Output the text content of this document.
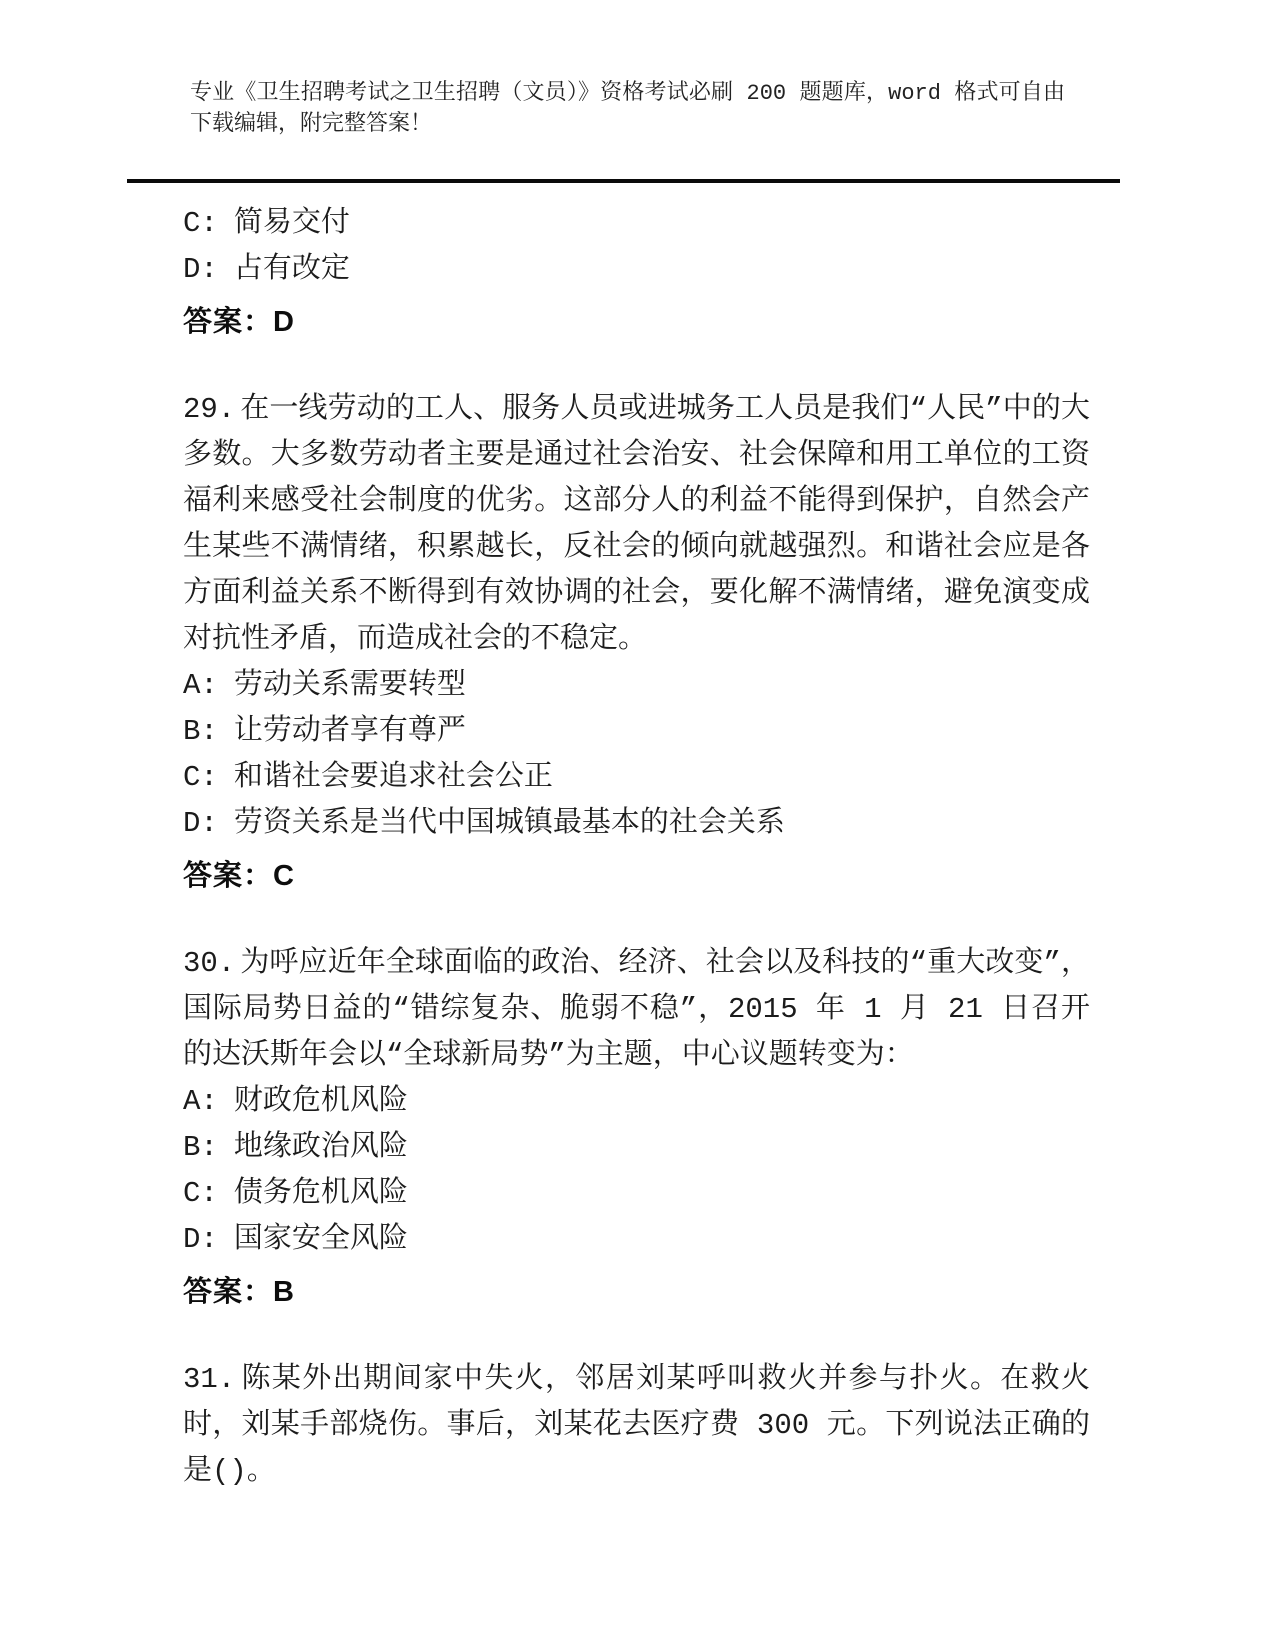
专业《卫生招聘考试之卫生招聘（文员）》资格考试必刷 200 题题库，word 格式可自由下载编辑，附完整答案！

C: 简易交付

D: 占有改定

答案：D

29. 在一线劳动的工人、服务人员或进城务工人员是我们“人民”中的大多数。大多数劳动者主要是通过社会治安、社会保障和用工单位的工资福利来感受社会制度的优劣。这部分人的利益不能得到保护，自然会产生某些不满情绪，积累越长，反社会的倾向就越强烈。和谐社会应是各方面利益关系不断得到有效协调的社会，要化解不满情绪，避免演变成对抗性矛盾，而造成社会的不稳定。

A: 劳动关系需要转型

B: 让劳动者享有尊严

C: 和谐社会要追求社会公正

D: 劳资关系是当代中国城镇最基本的社会关系

答案：C

30. 为呼应近年全球面临的政治、经济、社会以及科技的“重大改变”，国际局势日益的“错综复杂、脆弱不稳”，2015 年 1 月 21 日召开的达沃斯年会以“全球新局势”为主题，中心议题转变为：

A: 财政危机风险

B: 地缘政治风险

C: 债务危机风险

D: 国家安全风险

答案：B

31. 陈某外出期间家中失火，邻居刘某呼叫救火并参与扑火。在救火时，刘某手部烧伤。事后，刘某花去医疗费 300 元。下列说法正确的是()。
